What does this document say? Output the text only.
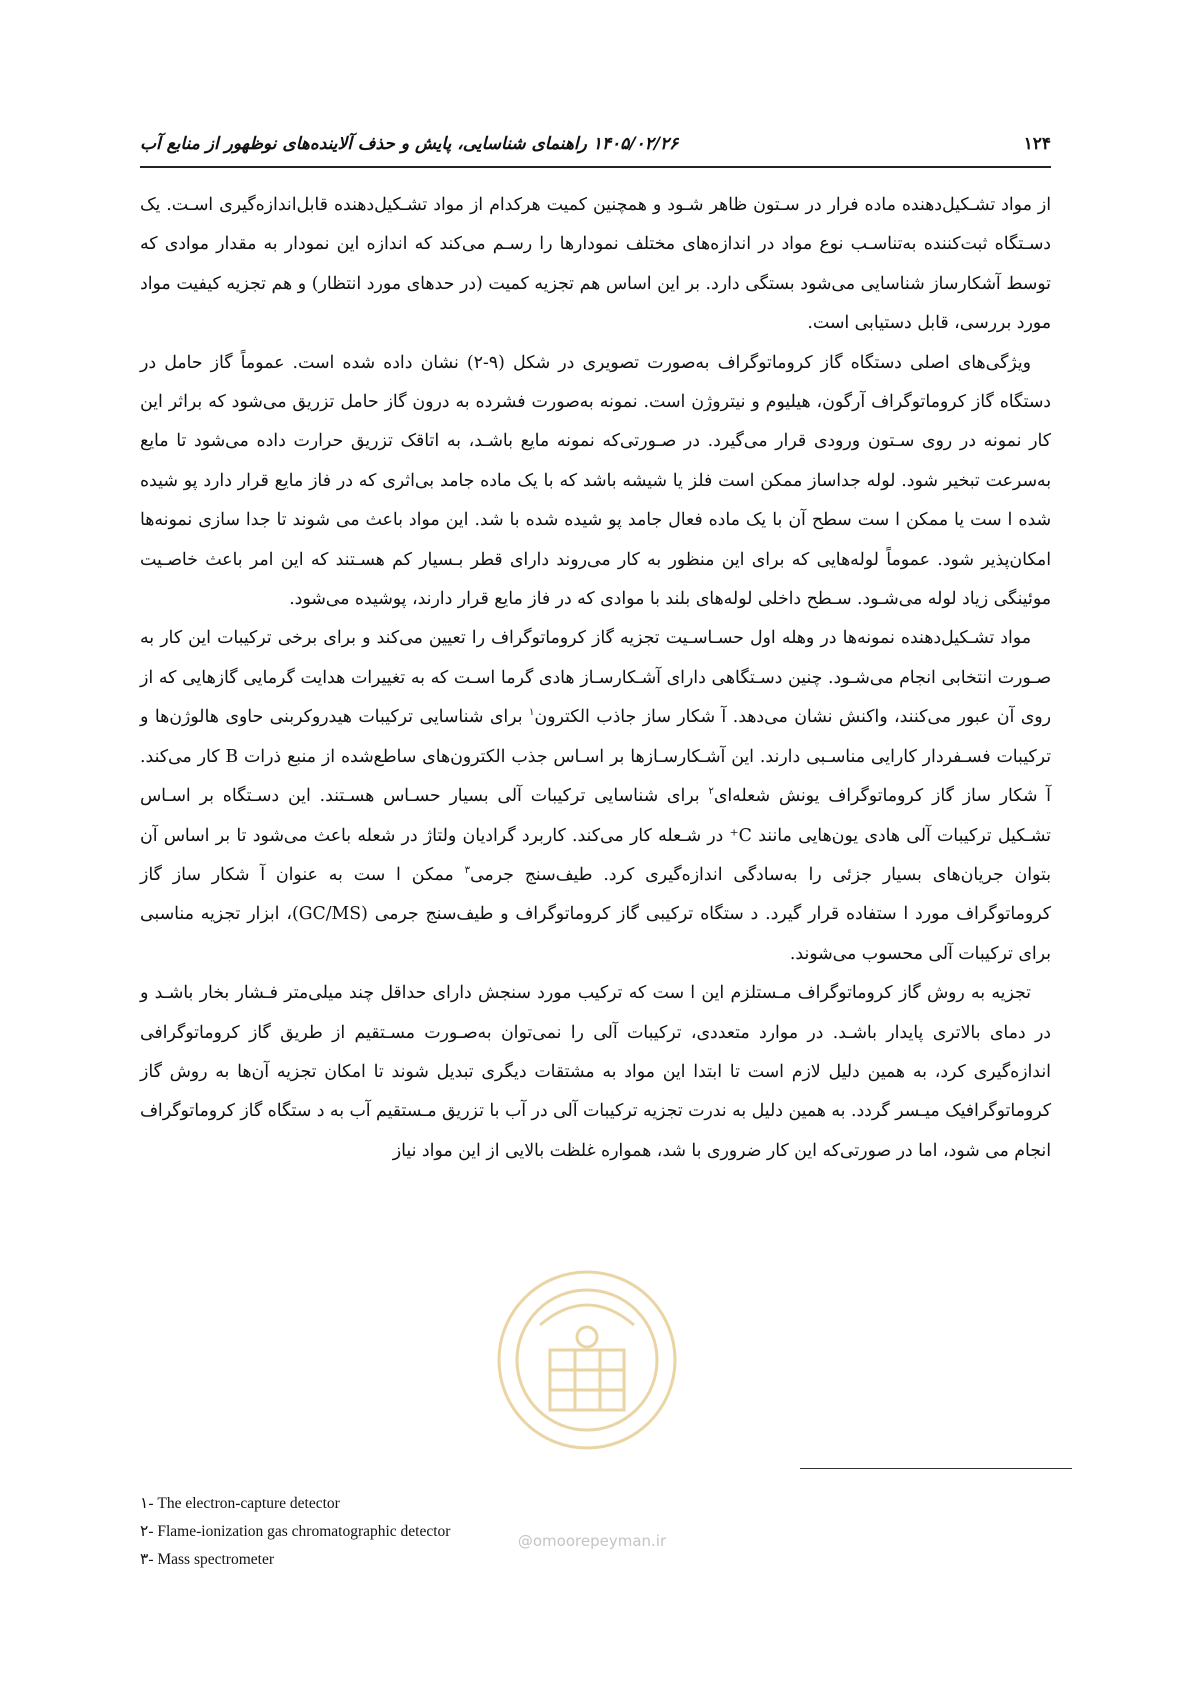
۱۲۴
۱۴۰۵/۰۲/۲۶ راهنمای شناسایی، پایش و حذف آلاینده‌های نوظهور از منابع آب

از مواد تشـکیل‌دهنده ماده فرار در سـتون ظاهر شـود و همچنین کمیت هرکدام از مواد تشـکیل‌دهنده قابل‌اندازه‌گیری اسـت. یک دسـتگاه ثبت‌کننده به‌تناسـب نوع مواد در اندازه‌های مختلف نمودارها را رسـم می‌کند که اندازه این نمودار به مقدار موادی که توسط آشکارساز شناسایی می‌شود بستگی دارد. بر این اساس هم تجزیه کمیت (در حدهای مورد انتظار) و هم تجزیه کیفیت مواد مورد بررسی، قابل دستیابی است.

ویژگی‌های اصلی دستگاه گاز کروماتوگراف به‌صورت تصویری در شکل (۹-۲) نشان داده شده است. عموماً گاز حامل در دستگاه گاز کروماتوگراف آرگون، هیلیوم و نیتروژن است. نمونه به‌صورت فشرده به درون گاز حامل تزریق می‌شود که براثر این کار نمونه در روی سـتون ورودی قرار می‌گیرد. در صـورتی‌که نمونه مایع باشـد، به اتاقک تزریق حرارت داده می‌شود تا مایع به‌سرعت تبخیر شود. لوله جداساز ممکن است فلز یا شیشه باشد که با یک ماده جامد بی‌اثری که در فاز مایع قرار دارد پو شیده شده ا ست یا ممکن ا ست سطح آن با یک ماده فعال جامد پو شیده شده با شد. این مواد باعث می شوند تا جدا سازی نمونه‌ها امکان‌پذیر شود. عموماً لوله‌هایی که برای این منظور به کار می‌روند دارای قطر بـسیار کم هسـتند که این امر باعث خاصـیت موئینگی زیاد لوله می‌شـود. سـطح داخلی لوله‌های بلند با موادی که در فاز مایع قرار دارند، پوشیده می‌شود.

مواد تشـکیل‌دهنده نمونه‌ها در وهله اول حسـاسـیت تجزیه گاز کروماتوگراف را تعیین می‌کند و برای برخی ترکیبات این کار به صـورت انتخابی انجام می‌شـود. چنین دسـتگاهی دارای آشـکارسـاز هادی گرما اسـت که به تغییرات هدایت گرمایی گازهایی که از روی آن عبور می‌کنند، واکنش نشان می‌دهد. آ شکار ساز جاذب الکترون$^۱$ برای شناسایی ترکیبات هیدروکربنی حاوی هالوژن‌ها و ترکیبات فسـفردار کارایی مناسـبی دارند. این آشـکارسـازها بر اسـاس جذب الکترون‌های ساطع‌شده از منبع ذرات B کار می‌کند. آ شکار ساز گاز کروماتوگراف یونش شعله‌ای$^۲$ برای شناسایی ترکیبات آلی بسیار حسـاس هسـتند. این دسـتگاه بر اسـاس تشـکیل ترکیبات آلی هادی یون‌هایی مانند C⁺ در شـعله کار می‌کند. کاربرد گرادیان ولتاژ در شعله باعث می‌شود تا بر اساس آن بتوان جریان‌های بسیار جزئی را به‌سادگی اندازه‌گیری کرد. طیف‌سنج جرمی$^۳$ ممکن ا ست به عنوان آ شکار ساز گاز کروماتوگراف مورد ا ستفاده قرار گیرد. د ستگاه ترکیبی گاز کروماتوگراف و طیف‌سنج جرمی (GC/MS)، ابزار تجزیه مناسبی برای ترکیبات آلی محسوب می‌شوند.

تجزیه به روش گاز کروماتوگراف مـستلزم این ا ست که ترکیب مورد سنجش دارای حداقل چند میلی‌متر فـشار بخار باشـد و در دمای بالاتری پایدار باشـد. در موارد متعددی، ترکیبات آلی را نمی‌توان به‌صـورت مسـتقیم از طریق گاز کروماتوگرافی اندازه‌گیری کرد، به همین دلیل لازم است تا ابتدا این مواد به مشتقات دیگری تبدیل شوند تا امکان تجزیه آن‌ها به روش گاز کروماتوگرافیک میـسر گردد. به همین دلیل به ندرت تجزیه ترکیبات آلی در آب با تزریق مـستقیم آب به د ستگاه گاز کروماتوگراف انجام می شود، اما در صورتی‌که این کار ضروری با شد، همواره غلظت بالایی از این مواد نیاز

@omoorepeyman.ir
۱- The electron-capture detector
۲- Flame-ionization gas chromatographic detector
۳- Mass spectrometer
